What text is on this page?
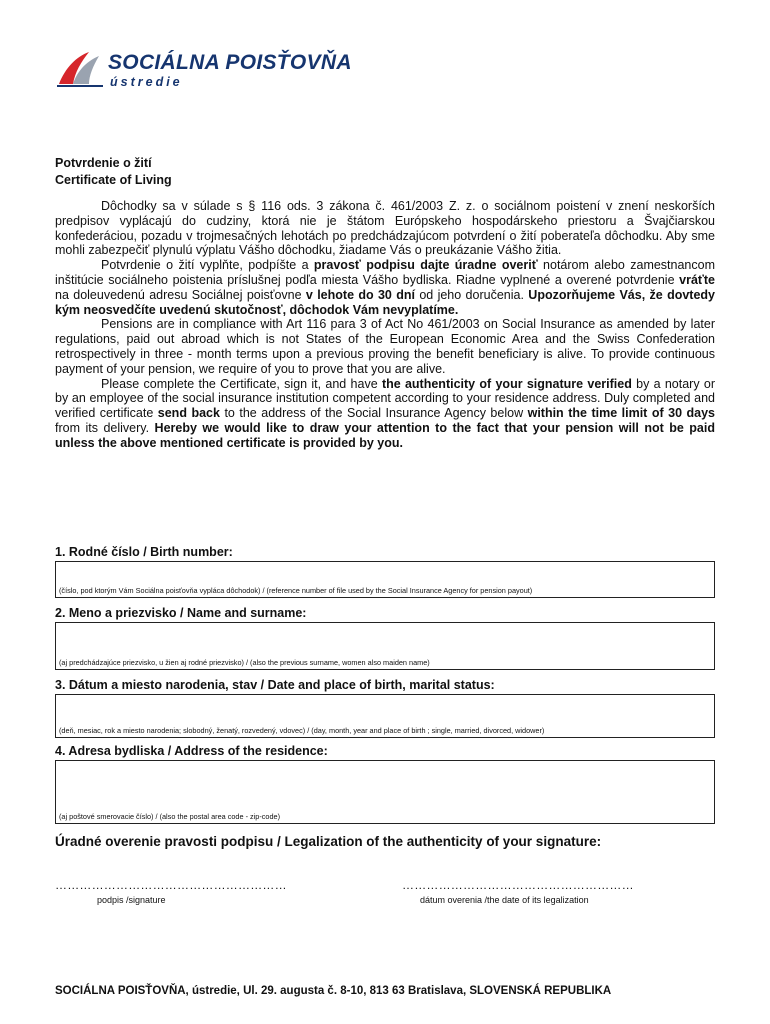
SOCIÁLNA POISŤOVŇA
ústredie
Potvrdenie o žití
Certificate of Living

Dôchodky sa v súlade s § 116 ods. 3 zákona č. 461/2003 Z. z. o sociálnom poistení v znení neskorších predpisov vyplácajú do cudziny, ktorá nie je štátom Európskeho hospodárskeho priestoru a Švajčiarskou konfederáciou, pozadu v trojmesačných lehotách po predchádzajúcom potvrdení o žití poberateľa dôchodku. Aby sme mohli zabezpečiť plynulú výplatu Vášho dôchodku, žiadame Vás o preukázanie Vášho žitia.

Potvrdenie o žití vyplňte, podpíšte a pravosť podpisu dajte úradne overiť notárom alebo zamestnancom inštitúcie sociálneho poistenia príslušnej podľa miesta Vášho bydliska. Riadne vyplnené a overené potvrdenie vráťte na doleuvedenú adresu Sociálnej poisťovne v lehote do 30 dní od jeho doručenia. Upozorňujeme Vás, že dovtedy kým neosvedčíte uvedenú skutočnosť, dôchodok Vám nevyplatíme.

Pensions are in compliance with Art 116 para 3 of Act No 461/2003 on Social Insurance as amended by later regulations, paid out abroad which is not States of the European Economic Area and the Swiss Confederation retrospectively in three - month terms upon a previous proving the benefit beneficiary is alive. To provide continuous payment of your pension, we require of you to prove that you are alive.

Please complete the Certificate, sign it, and have the authenticity of your signature verified by a notary or by an employee of the social insurance institution competent according to your residence address. Duly completed and verified certificate send back to the address of the Social Insurance Agency below within the time limit of 30 days from its delivery. Hereby we would like to draw your attention to the fact that your pension will not be paid unless the above mentioned certificate is provided by you.

1. Rodné číslo / Birth number:
(číslo, pod ktorým Vám Sociálna poisťovňa vypláca dôchodok) / (reference number of file used by the Social Insurance Agency for pension payout)
2. Meno a priezvisko / Name and surname:
(aj predchádzajúce priezvisko, u žien aj rodné priezvisko) / (also the previous surname, women also maiden name)
3. Dátum a miesto narodenia, stav / Date and place of birth, marital status:
(deň, mesiac, rok a miesto narodenia; slobodný, ženatý, rozvedený, vdovec) / (day, month, year and place of birth ; single, married, divorced, widower)
4. Adresa bydliska / Address of the residence:
(aj poštové smerovacie číslo) / (also the postal area code - zip-code)
Úradné overenie pravosti podpisu / Legalization of the authenticity of your signature:
…………………………………………………	…………………………………………………
podpis /signature	dátum overenia /the date of its legalization
SOCIÁLNA POISŤOVŇA, ústredie, Ul. 29. augusta č. 8-10, 813 63 Bratislava, SLOVENSKÁ REPUBLIKA
